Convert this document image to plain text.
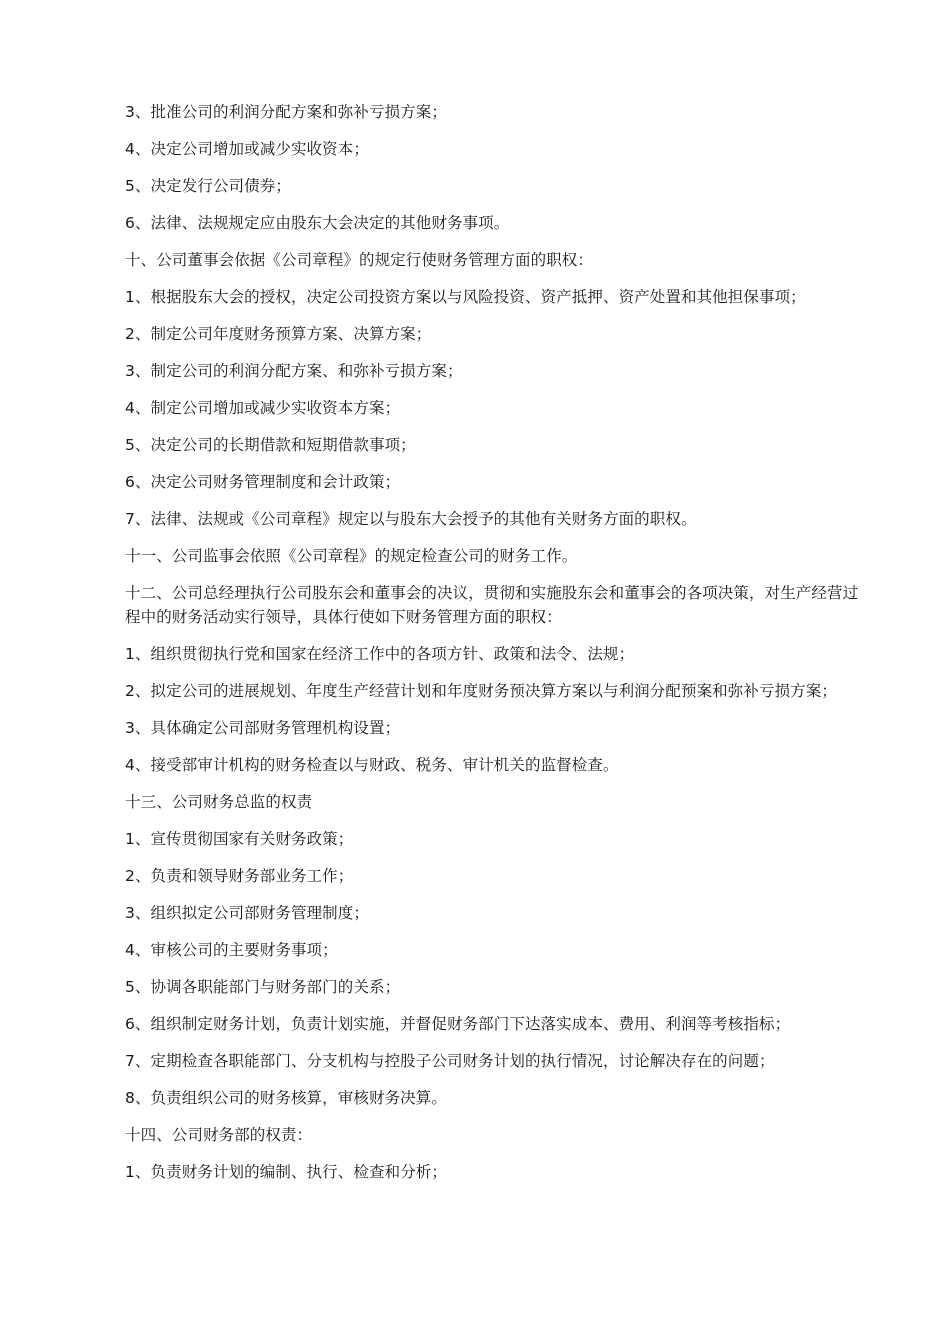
3、批准公司的利润分配方案和弥补亏损方案；

4、决定公司增加或减少实收资本；

5、决定发行公司债券；

6、法律、法规规定应由股东大会决定的其他财务事项。

十、公司董事会依据《公司章程》的规定行使财务管理方面的职权：

1、根据股东大会的授权，决定公司投资方案以与风险投资、资产抵押、资产处置和其他担保事项；

2、制定公司年度财务预算方案、决算方案；

3、制定公司的利润分配方案、和弥补亏损方案；

4、制定公司增加或减少实收资本方案；

5、决定公司的长期借款和短期借款事项；

6、决定公司财务管理制度和会计政策；

7、法律、法规或《公司章程》规定以与股东大会授予的其他有关财务方面的职权。

十一、公司监事会依照《公司章程》的规定检查公司的财务工作。

十二、公司总经理执行公司股东会和董事会的决议，贯彻和实施股东会和董事会的各项决策，对生产经营过程中的财务活动实行领导，具体行使如下财务管理方面的职权：

1、组织贯彻执行党和国家在经济工作中的各项方针、政策和法令、法规；

2、拟定公司的进展规划、年度生产经营计划和年度财务预决算方案以与利润分配预案和弥补亏损方案；

3、具体确定公司部财务管理机构设置；

4、接受部审计机构的财务检查以与财政、税务、审计机关的监督检查。

十三、公司财务总监的权责

1、宣传贯彻国家有关财务政策；

2、负责和领导财务部业务工作；

3、组织拟定公司部财务管理制度；

4、审核公司的主要财务事项；

5、协调各职能部门与财务部门的关系；

6、组织制定财务计划，负责计划实施，并督促财务部门下达落实成本、费用、利润等考核指标；

7、定期检查各职能部门、分支机构与控股子公司财务计划的执行情况，讨论解决存在的问题；

8、负责组织公司的财务核算，审核财务决算。

十四、公司财务部的权责：

1、负责财务计划的编制、执行、检查和分析；
